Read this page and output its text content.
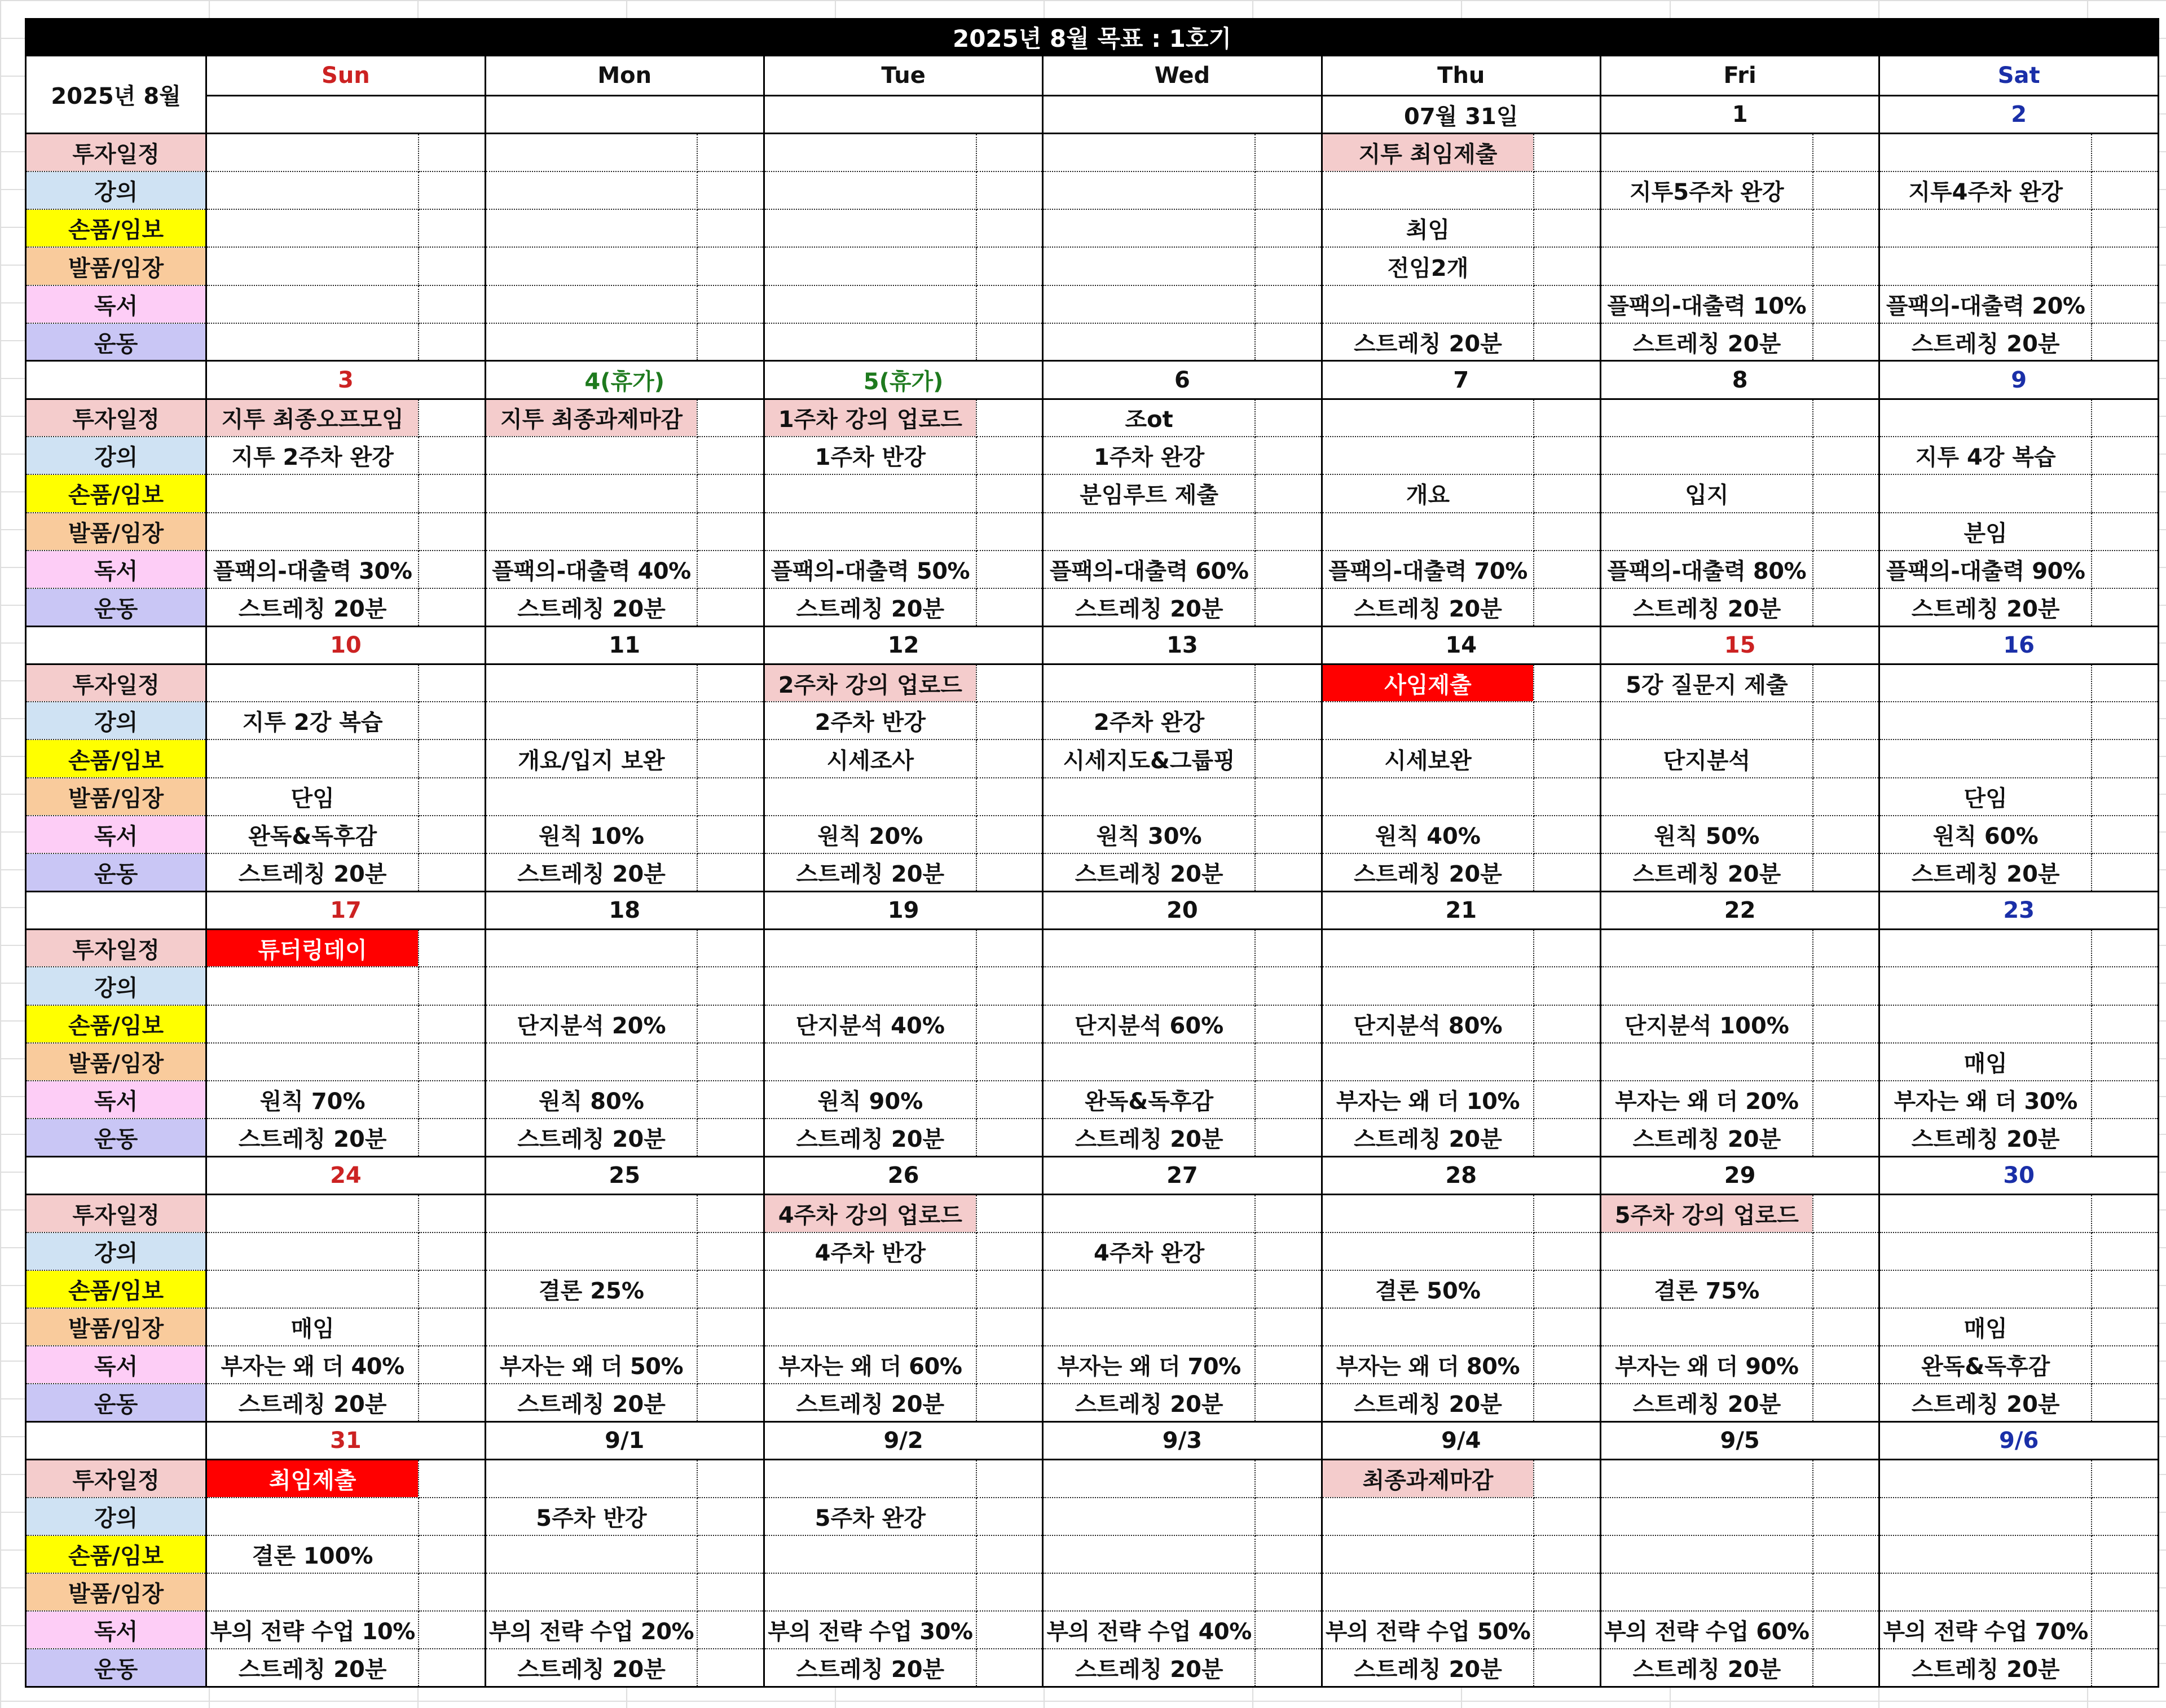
2025년 8월 목표 : 1호기														
2025년 8월	Sun		Mon		Tue		Wed		Thu		Fri		Sat	
									07월 31일		1		2	
투자일정									지투 최임제출					
강의											지투5주차 완강		지투4주차 완강	
손품/임보									최임					
발품/임장									전임2개					
독서											플팩의-대출력 10%		플팩의-대출력 20%	
운동									스트레칭 20분		스트레칭 20분		스트레칭 20분	
	3		4(휴가)		5(휴가)		6		7		8		9	
투자일정	지투 최종오프모임		지투 최종과제마감		1주차 강의 업로드		조ot							
강의	지투 2주차 완강				1주차 반강		1주차 완강						지투 4강 복습	
손품/임보							분임루트 제출		개요		입지			
발품/임장													분임	
독서	플팩의-대출력 30%		플팩의-대출력 40%		플팩의-대출력 50%		플팩의-대출력 60%		플팩의-대출력 70%		플팩의-대출력 80%		플팩의-대출력 90%	
운동	스트레칭 20분		스트레칭 20분		스트레칭 20분		스트레칭 20분		스트레칭 20분		스트레칭 20분		스트레칭 20분	
	10		11		12		13		14		15		16	
투자일정					2주차 강의 업로드				사임제출		5강 질문지 제출			
강의	지투 2강 복습				2주차 반강		2주차 완강							
손품/임보			개요/입지 보완		시세조사		시세지도&그룹핑		시세보완		단지분석			
발품/임장	단임												단임	
독서	완독&독후감		원칙 10%		원칙 20%		원칙 30%		원칙 40%		원칙 50%		원칙 60%	
운동	스트레칭 20분		스트레칭 20분		스트레칭 20분		스트레칭 20분		스트레칭 20분		스트레칭 20분		스트레칭 20분	
	17		18		19		20		21		22		23	
투자일정	튜터링데이													
강의														
손품/임보			단지분석 20%		단지분석 40%		단지분석 60%		단지분석 80%		단지분석 100%			
발품/임장													매임	
독서	원칙 70%		원칙 80%		원칙 90%		완독&독후감		부자는 왜 더 10%		부자는 왜 더 20%		부자는 왜 더 30%	
운동	스트레칭 20분		스트레칭 20분		스트레칭 20분		스트레칭 20분		스트레칭 20분		스트레칭 20분		스트레칭 20분	
	24		25		26		27		28		29		30	
투자일정					4주차 강의 업로드						5주차 강의 업로드			
강의					4주차 반강		4주차 완강							
손품/임보			결론 25%						결론 50%		결론 75%			
발품/임장	매임												매임	
독서	부자는 왜 더 40%		부자는 왜 더 50%		부자는 왜 더 60%		부자는 왜 더 70%		부자는 왜 더 80%		부자는 왜 더 90%		완독&독후감	
운동	스트레칭 20분		스트레칭 20분		스트레칭 20분		스트레칭 20분		스트레칭 20분		스트레칭 20분		스트레칭 20분	
	31		9/1		9/2		9/3		9/4		9/5		9/6	
투자일정	최임제출								최종과제마감					
강의			5주차 반강		5주차 완강									
손품/임보	결론 100%													
발품/임장														
독서	부의 전략 수업 10%		부의 전략 수업 20%		부의 전략 수업 30%		부의 전략 수업 40%		부의 전략 수업 50%		부의 전략 수업 60%		부의 전략 수업 70%	
운동	스트레칭 20분		스트레칭 20분		스트레칭 20분		스트레칭 20분		스트레칭 20분		스트레칭 20분		스트레칭 20분	
